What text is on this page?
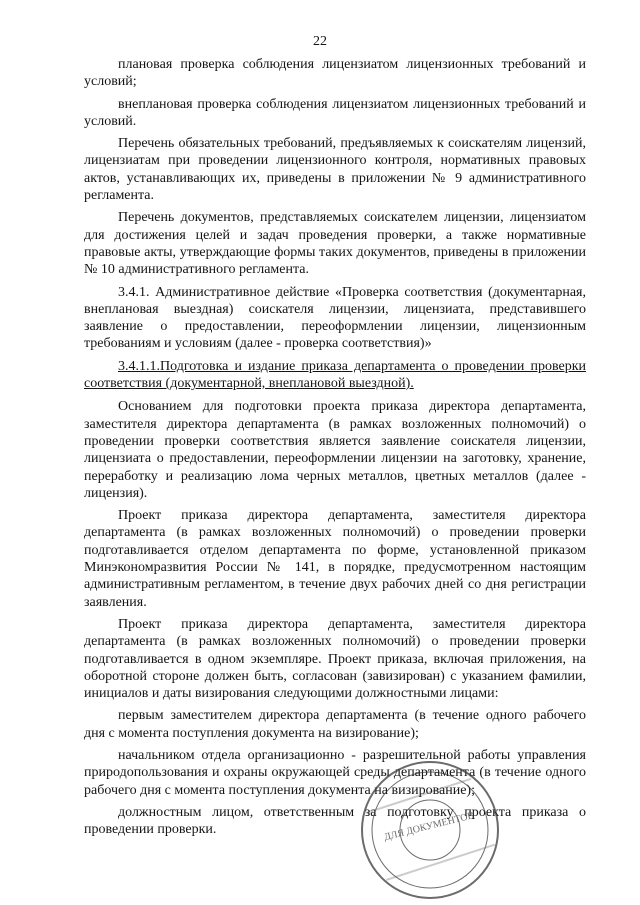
22

плановая проверка соблюдения лицензиатом лицензионных требований и условий;

внеплановая проверка соблюдения лицензиатом лицензионных требований и условий.

Перечень обязательных требований, предъявляемых к соискателям лицензий, лицензиатам при проведении лицензионного контроля, нормативных правовых актов, устанавливающих их, приведены в приложении № 9 административного регламента.

Перечень документов, представляемых соискателем лицензии, лицензиатом для достижения целей и задач проведения проверки, а также нормативные правовые акты, утверждающие формы таких документов, приведены в приложении № 10 административного регламента.

3.4.1. Административное действие «Проверка соответствия (документарная, внеплановая выездная) соискателя лицензии, лицензиата, представившего заявление о предоставлении, переоформлении лицензии, лицензионным требованиям и условиям (далее - проверка соответствия)»

3.4.1.1.Подготовка и издание приказа департамента о проведении проверки соответствия (документарной, внеплановой выездной).

Основанием для подготовки проекта приказа директора департамента, заместителя директора департамента (в рамках возложенных полномочий) о проведении проверки соответствия является заявление соискателя лицензии, лицензиата о предоставлении, переоформлении лицензии на заготовку, хранение, переработку и реализацию лома черных металлов, цветных металлов (далее - лицензия).

Проект приказа директора департамента, заместителя директора департамента (в рамках возложенных полномочий) о проведении проверки подготавливается отделом департамента по форме, установленной приказом Минэкономразвития России № 141, в порядке, предусмотренном настоящим административным регламентом, в течение двух рабочих дней со дня регистрации заявления.

Проект приказа директора департамента, заместителя директора департамента (в рамках возложенных полномочий) о проведении проверки подготавливается в одном экземпляре. Проект приказа, включая приложения, на оборотной стороне должен быть, согласован (завизирован) с указанием фамилии, инициалов и даты визирования следующими должностными лицами:

первым заместителем директора департамента (в течение одного рабочего дня с момента поступления документа на визирование);

начальником отдела организационно - разрешительной работы управления природопользования и охраны окружающей среды департамента (в течение одного рабочего дня с момента поступления документа на визирование);

должностным лицом, ответственным за подготовку проекта приказа о проведении проверки.	ДЛЯ ДОКУМЕНТОВ
